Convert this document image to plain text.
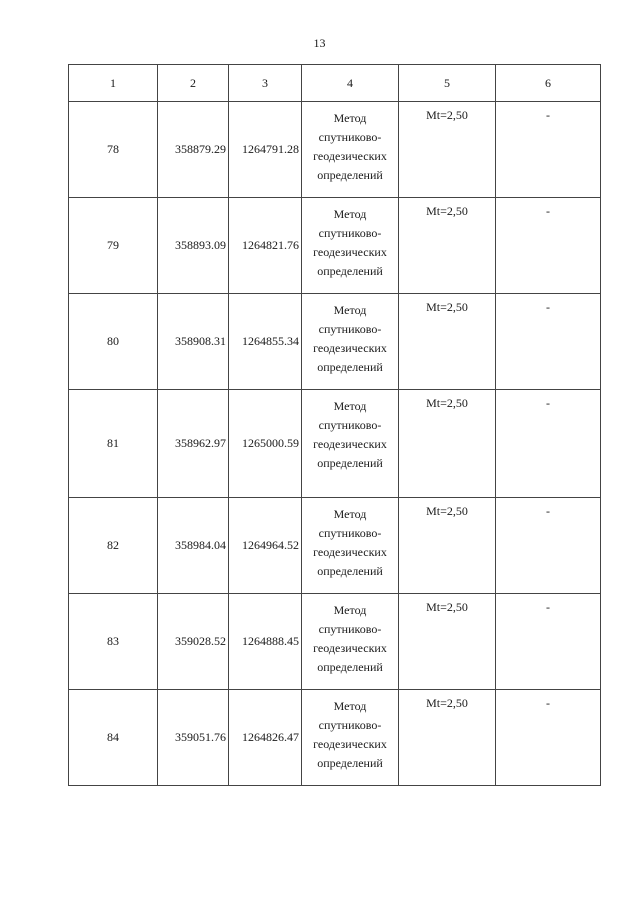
13
1	2	3	4	5	6
78	358879.29	1264791.28	Метод
спутниково-
геодезических
определений	Mt=2,50	-
79	358893.09	1264821.76	Метод
спутниково-
геодезических
определений	Mt=2,50	-
80	358908.31	1264855.34	Метод
спутниково-
геодезических
определений	Mt=2,50	-
81	358962.97	1265000.59	Метод
спутниково-
геодезических
определений	Mt=2,50	-
82	358984.04	1264964.52	Метод
спутниково-
геодезических
определений	Mt=2,50	-
83	359028.52	1264888.45	Метод
спутниково-
геодезических
определений	Mt=2,50	-
84	359051.76	1264826.47	Метод
спутниково-
геодезических
определений	Mt=2,50	-
